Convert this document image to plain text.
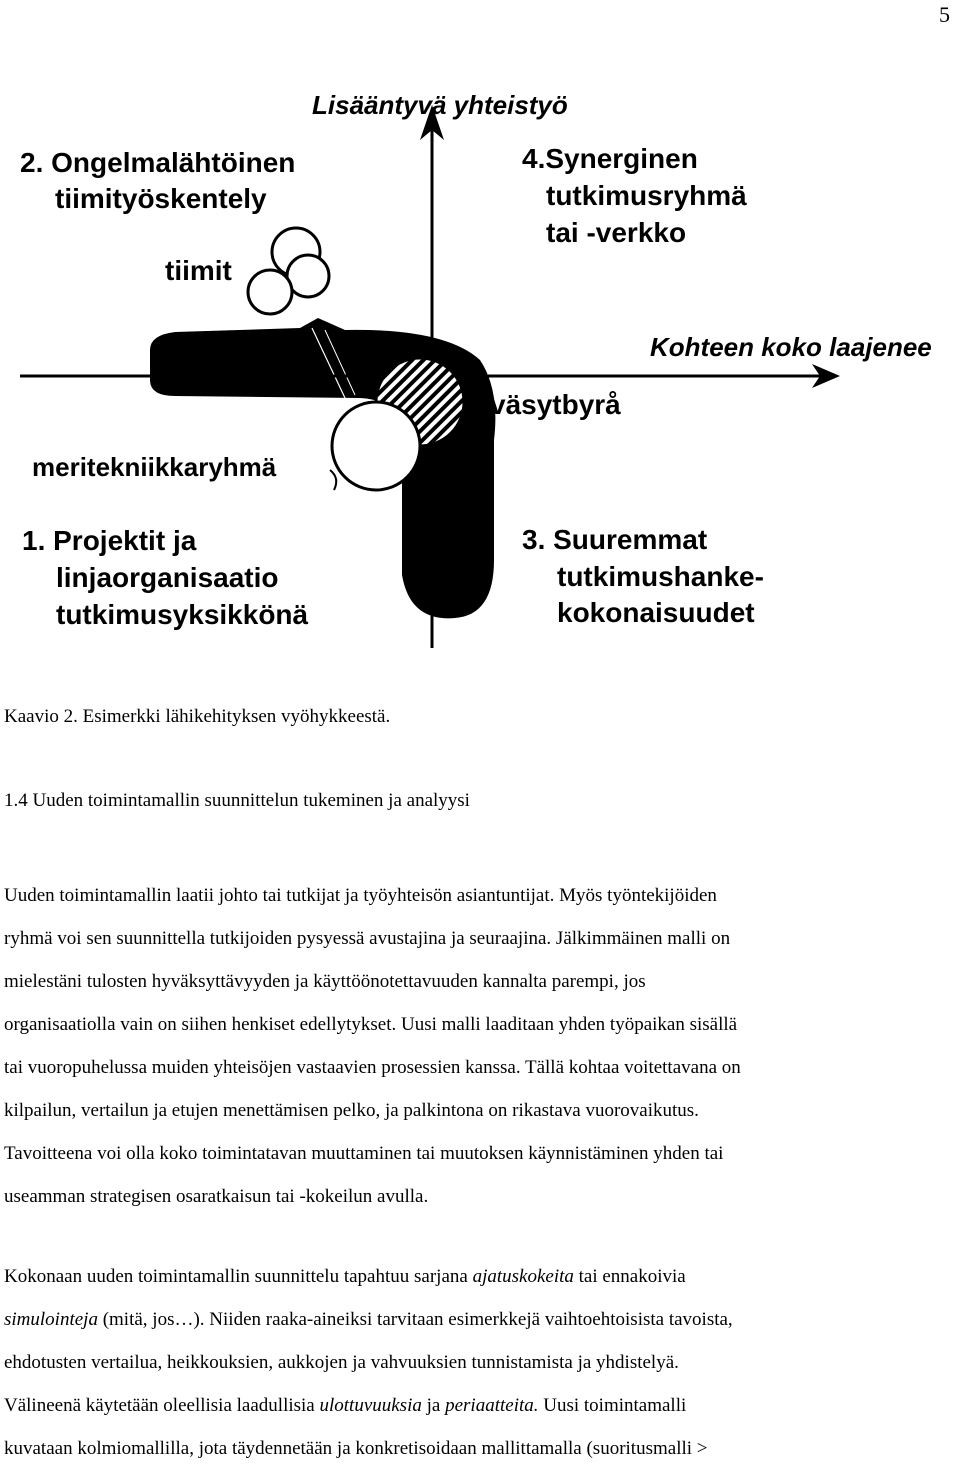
5
Lisääntyvä yhteistyö
Kohteen koko laajenee
2. Ongelmalähtöinen
tiimityöskentely
4.Synerginen
tutkimusryhmä
tai -verkko
tiimit
väsytbyrå
meritekniikkaryhmä
1. Projektit ja
linjaorganisaatio
tutkimusyksikkönä
3. Suuremmat
tutkimushanke-
kokonaisuudet
Kaavio 2. Esimerkki lähikehityksen vyöhykkeestä.
1.4 Uuden toimintamallin suunnittelun tukeminen ja analyysi
Uuden toimintamallin laatii johto tai tutkijat ja työyhteisön asiantuntijat. Myös työntekijöiden
ryhmä voi sen suunnittella tutkijoiden pysyessä avustajina ja seuraajina. Jälkimmäinen malli on
mielestäni tulosten hyväksyttävyyden ja käyttöönotettavuuden kannalta parempi, jos
organisaatiolla vain on siihen henkiset edellytykset. Uusi malli laaditaan yhden työpaikan sisällä
tai vuoropuhelussa muiden yhteisöjen vastaavien prosessien kanssa. Tällä kohtaa voitettavana on
kilpailun, vertailun ja etujen menettämisen pelko, ja palkintona on rikastava vuorovaikutus.
Tavoitteena voi olla koko toimintatavan muuttaminen tai muutoksen käynnistäminen yhden tai
useamman strategisen osaratkaisun tai -kokeilun avulla.
Kokonaan uuden toimintamallin suunnittelu tapahtuu sarjana ajatuskokeita tai ennakoivia
simulointeja (mitä, jos…). Niiden raaka-aineiksi tarvitaan esimerkkejä vaihtoehtoisista tavoista,
ehdotusten vertailua, heikkouksien, aukkojen ja vahvuuksien tunnistamista ja yhdistelyä.
Välineenä käytetään oleellisia laadullisia ulottuvuuksia ja periaatteita. Uusi toimintamalli
kuvataan kolmiomallilla, jota täydennetään ja konkretisoidaan mallittamalla (suoritusmalli >
